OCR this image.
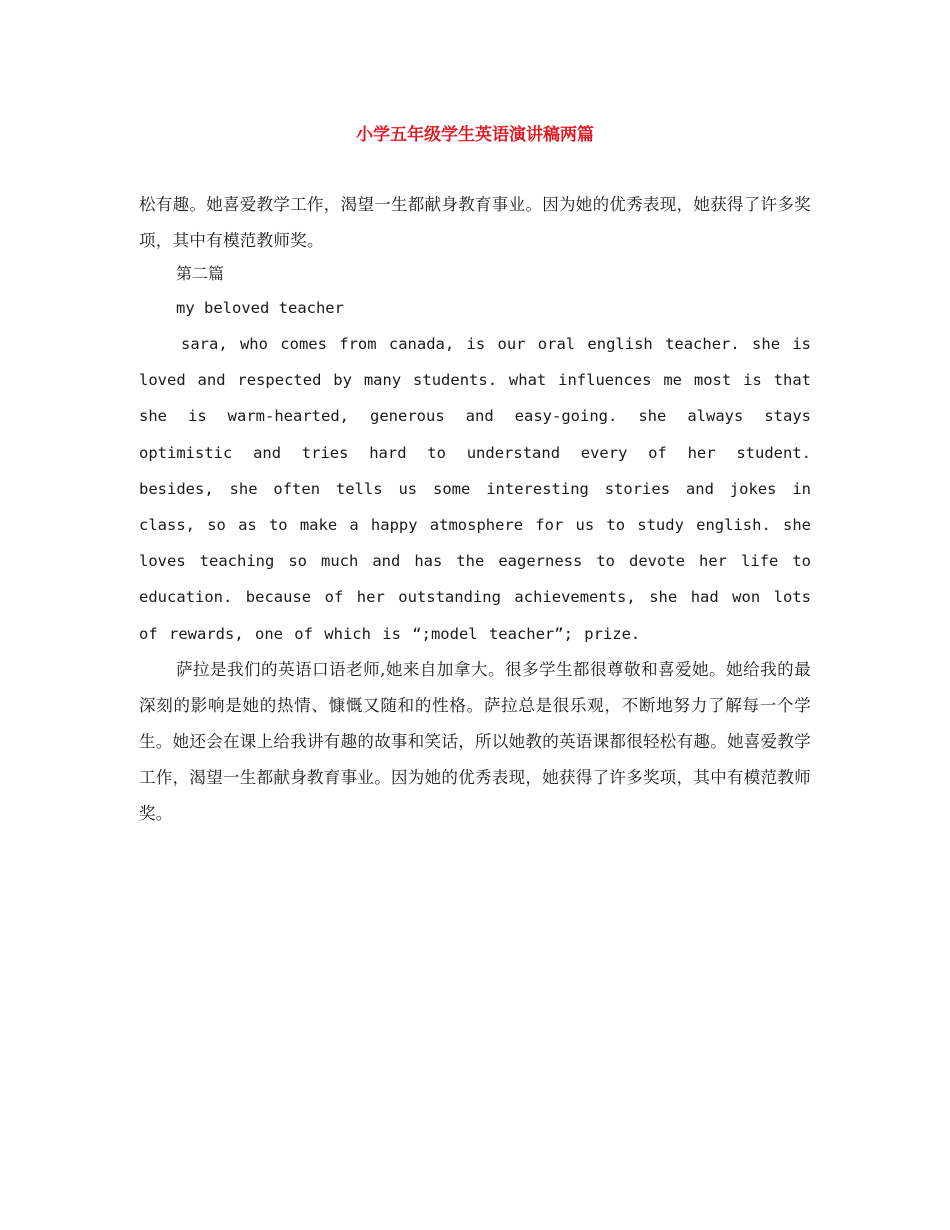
小学五年级学生英语演讲稿两篇

松有趣。她喜爱教学工作，渴望一生都献身教育事业。因为她的优秀表现，她获得了许多奖项，其中有模范教师奖。

第二篇
my beloved teacher

sara, who comes from canada, is our oral english teacher. she is loved and respected by many students. what influences me most is that she is warm-hearted, generous and easy-going. she always stays optimistic and tries hard to understand every of her student. besides, she often tells us some interesting stories and jokes in class, so as to make a happy atmosphere for us to study english. she loves teaching so much and has the eagerness to devote her life to education. because of her outstanding achievements, she had won lots of rewards, one of which is “;model teacher”; prize.

萨拉是我们的英语口语老师,她来自加拿大。很多学生都很尊敬和喜爱她。她给我的最深刻的影响是她的热情、慷慨又随和的性格。萨拉总是很乐观，不断地努力了解每一个学生。她还会在课上给我讲有趣的故事和笑话，所以她教的英语课都很轻松有趣。她喜爱教学工作，渴望一生都献身教育事业。因为她的优秀表现，她获得了许多奖项，其中有模范教师奖。
